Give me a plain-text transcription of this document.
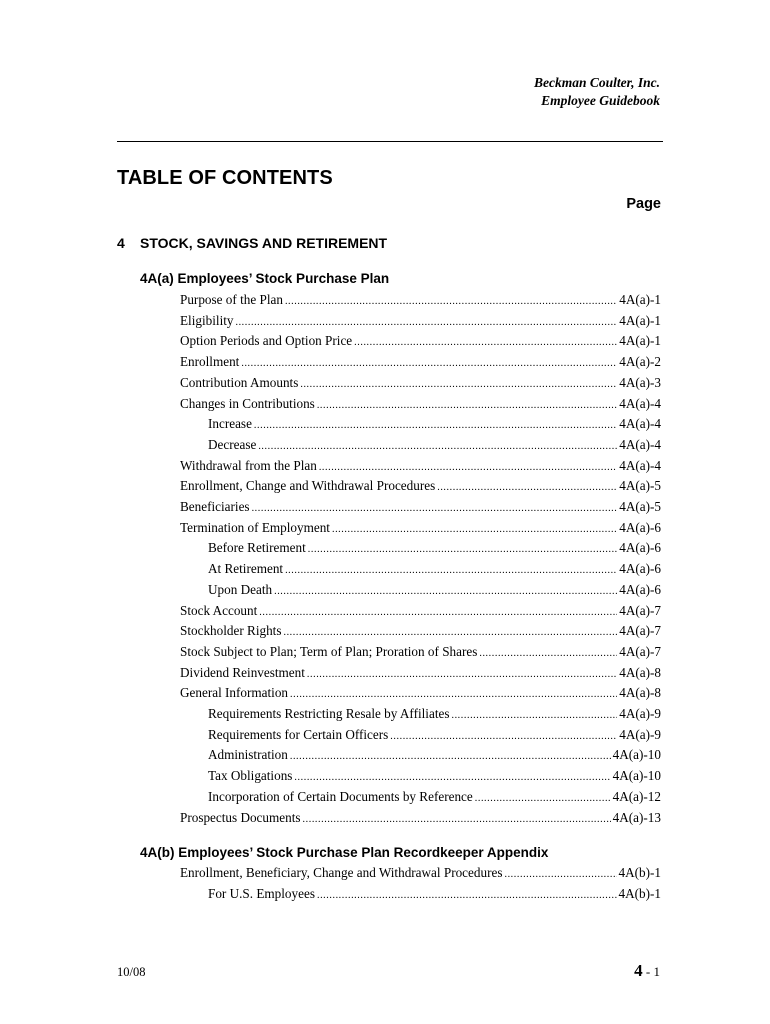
Beckman Coulter, Inc.
Employee Guidebook
TABLE OF CONTENTS
Page
4 STOCK, SAVINGS AND RETIREMENT
4A(a) Employees’ Stock Purchase Plan
Purpose of the Plan .....	4A(a)-1
Eligibility .....	4A(a)-1
Option Periods and Option Price .....	4A(a)-1
Enrollment .....	4A(a)-2
Contribution Amounts .....	4A(a)-3
Changes in Contributions .....	4A(a)-4
Increase .....	4A(a)-4
Decrease .....	4A(a)-4
Withdrawal from the Plan .....	4A(a)-4
Enrollment, Change and Withdrawal Procedures .....	4A(a)-5
Beneficiaries .....	4A(a)-5
Termination of Employment .....	4A(a)-6
Before Retirement .....	4A(a)-6
At Retirement .....	4A(a)-6
Upon Death .....	4A(a)-6
Stock Account .....	4A(a)-7
Stockholder Rights .....	4A(a)-7
Stock Subject to Plan; Term of Plan; Proration of Shares .....	4A(a)-7
Dividend Reinvestment .....	4A(a)-8
General Information .....	4A(a)-8
Requirements Restricting Resale by Affiliates .....	4A(a)-9
Requirements for Certain Officers .....	4A(a)-9
Administration .....	4A(a)-10
Tax Obligations .....	4A(a)-10
Incorporation of Certain Documents by Reference .....	4A(a)-12
Prospectus Documents .....	4A(a)-13
4A(b) Employees’ Stock Purchase Plan Recordkeeper Appendix
Enrollment, Beneficiary, Change and Withdrawal Procedures .....	4A(b)-1
For U.S. Employees .....	4A(b)-1
10/08	4 - 1
